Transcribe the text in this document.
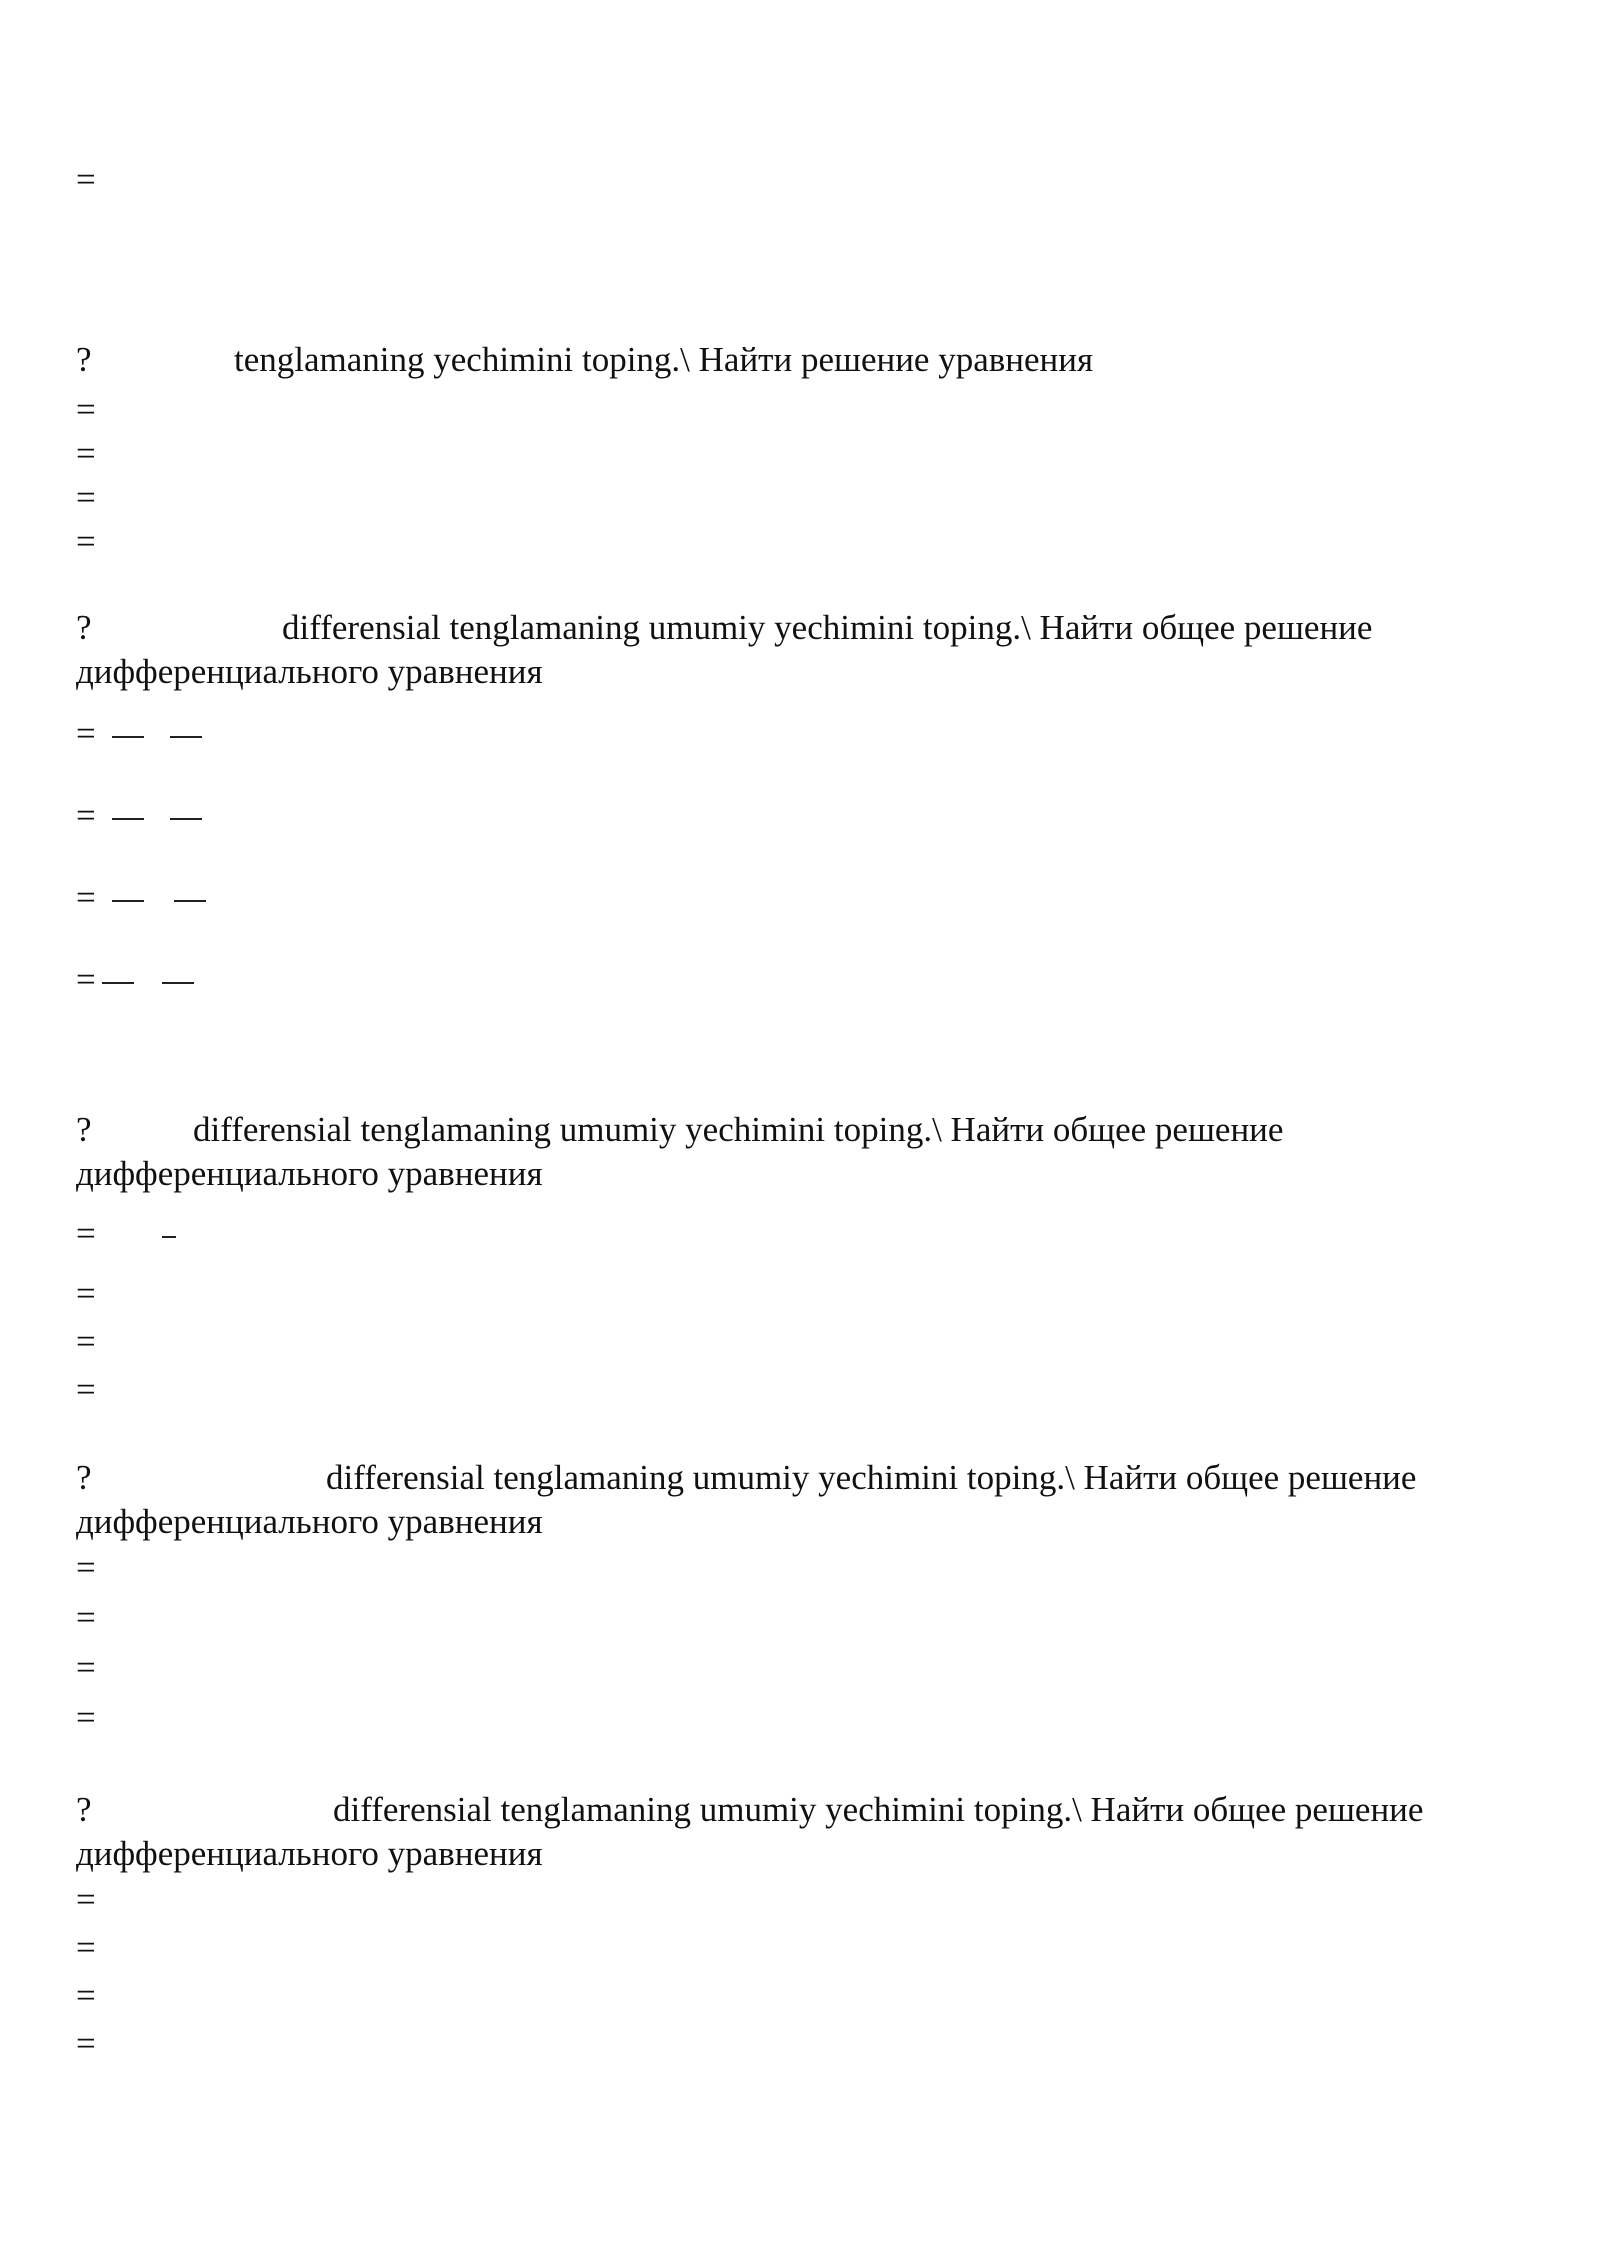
=
?	tenglamaning yechimini toping.\ Найти решение уравнения
=
=
=
=
?	differensial tenglamaning umumiy yechimini toping.\ Найти общее решение
дифференциального уравнения
=
=
=
=
?	differensial tenglamaning umumiy yechimini toping.\ Найти общее решение
дифференциального уравнения
=
=
=
=
?	differensial tenglamaning umumiy yechimini toping.\ Найти общее решение
дифференциального уравнения
=
=
=
=
?	differensial tenglamaning umumiy yechimini toping.\ Найти общее решение
дифференциального уравнения
=
=
=
=
